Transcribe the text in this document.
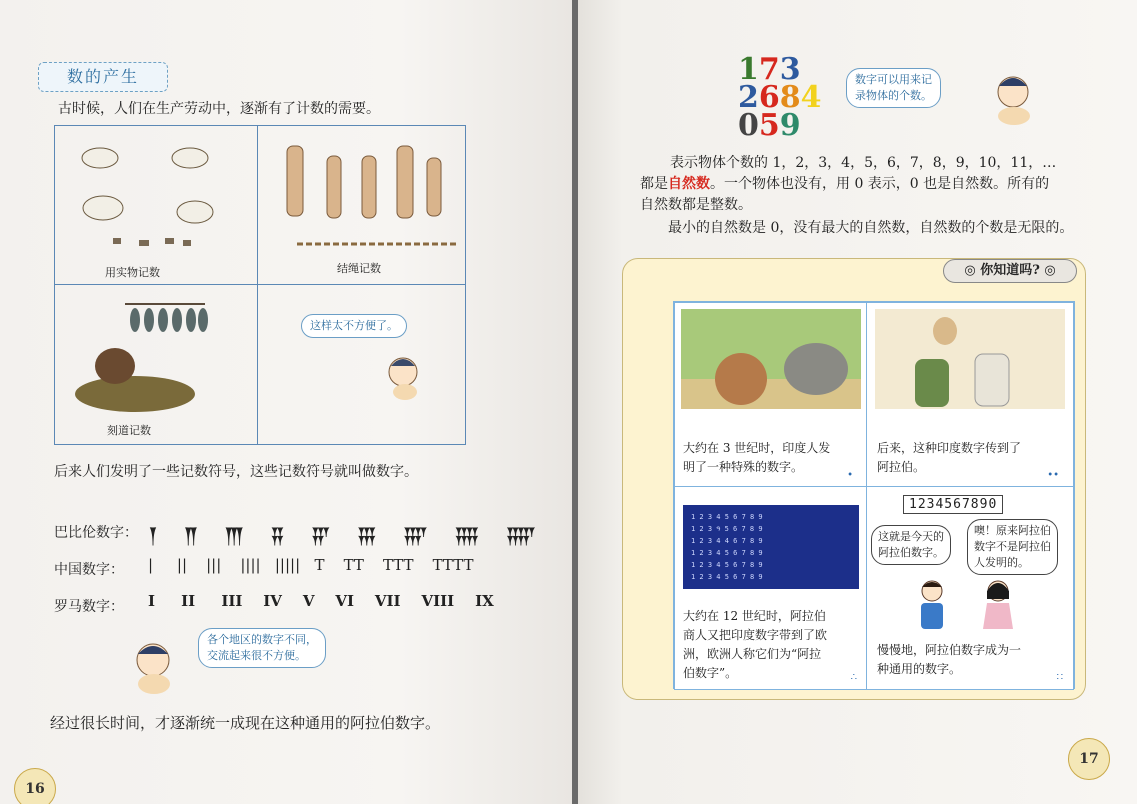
数的产生
古时候，人们在生产劳动中，逐渐有了计数的需要。
用实物记数	结绳记数
刻道记数
这样太不方便了。
后来人们发明了一些记数符号，这些记数符号就叫做数字。
巴比伦数字： 𒐕 𒐖 𒐗 𒐘 𒐙 𒐚 𒐛 𒐜 𒐝
中国数字： | || ||| |||| ||||| T TT TTT TTTT
罗马数字： I II III IV V VI VII VIII IX
各个地区的数字不同，
交流起来很不方便。
经过很长时间，才逐渐统一成现在这种通用的阿拉伯数字。
16
173
2684
059
数字可以用来记
录物体的个数。
表示物体个数的 1，2，3，4，5，6，7，8，9，10，11，…
都是自然数。一个物体也没有，用 0 表示，0 也是自然数。所有的
自然数都是整数。
最小的自然数是 0，没有最大的自然数，自然数的个数是无限的。
◎ 你知道吗? ◎
大约在 3 世纪时，印度人发
明了一种特殊的数字。
•
后来，这种印度数字传到了
阿拉伯。
••
1 2 3 4 5 6 7 8 9
1 2 3 ዓ 5 6 7 8 9
1 2 3 4 4 6 7 8 9
1 2 3 4 5 6 7 8 9
1 2 3 4 5 6 7 8 9
1 2 3 4 5 6 7 8 9
大约在 12 世纪时，阿拉伯
商人又把印度数字带到了欧
洲，欧洲人称它们为“阿拉
伯数字”。	∴
1234567890
这就是今天的
阿拉伯数字。
噢！原来阿拉伯
数字不是阿拉伯
人发明的。
慢慢地，阿拉伯数字成为一
种通用的数字。
∷
17
